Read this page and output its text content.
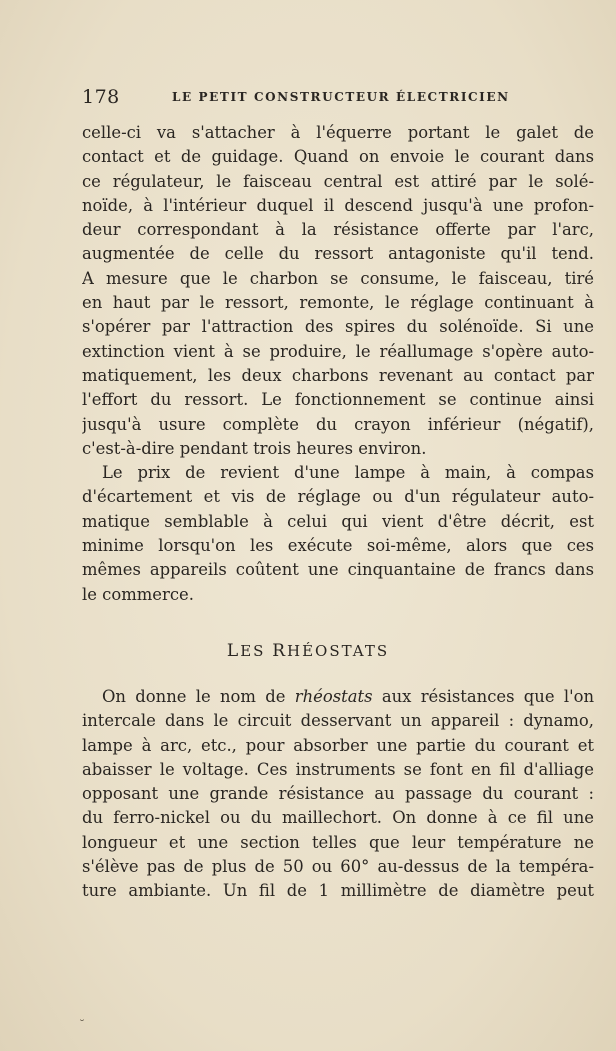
178	LE PETIT CONSTRUCTEUR ÉLECTRICIEN
celle-ci va s'attacher à l'équerre portant le galet de
contact et de guidage. Quand on envoie le courant dans
ce régulateur, le faisceau central est attiré par le solé-
noïde, à l'intérieur duquel il descend jusqu'à une profon-
deur correspondant à la résistance offerte par l'arc,
augmentée de celle du ressort antagoniste qu'il tend.
A mesure que le charbon se consume, le faisceau, tiré
en haut par le ressort, remonte, le réglage continuant à
s'opérer par l'attraction des spires du solénoïde. Si une
extinction vient à se produire, le réallumage s'opère auto-
matiquement, les deux charbons revenant au contact par
l'effort du ressort. Le fonctionnement se continue ainsi
jusqu'à usure complète du crayon inférieur (négatif),
c'est-à-dire pendant trois heures environ.
Le prix de revient d'une lampe à main, à compas
d'écartement et vis de réglage ou d'un régulateur auto-
matique semblable à celui qui vient d'être décrit, est
minime lorsqu'on les exécute soi-même, alors que ces
mêmes appareils coûtent une cinquantaine de francs dans
le commerce.
LES RHÉOSTATS
On donne le nom de rhéostats aux résistances que l'on
intercale dans le circuit desservant un appareil : dynamo,
lampe à arc, etc., pour absorber une partie du courant et
abaisser le voltage. Ces instruments se font en fil d'alliage
opposant une grande résistance au passage du courant :
du ferro-nickel ou du maillechort. On donne à ce fil une
longueur et une section telles que leur température ne
s'élève pas de plus de 50 ou 60° au-dessus de la tempéra-
ture ambiante. Un fil de 1 millimètre de diamètre peut
˘
